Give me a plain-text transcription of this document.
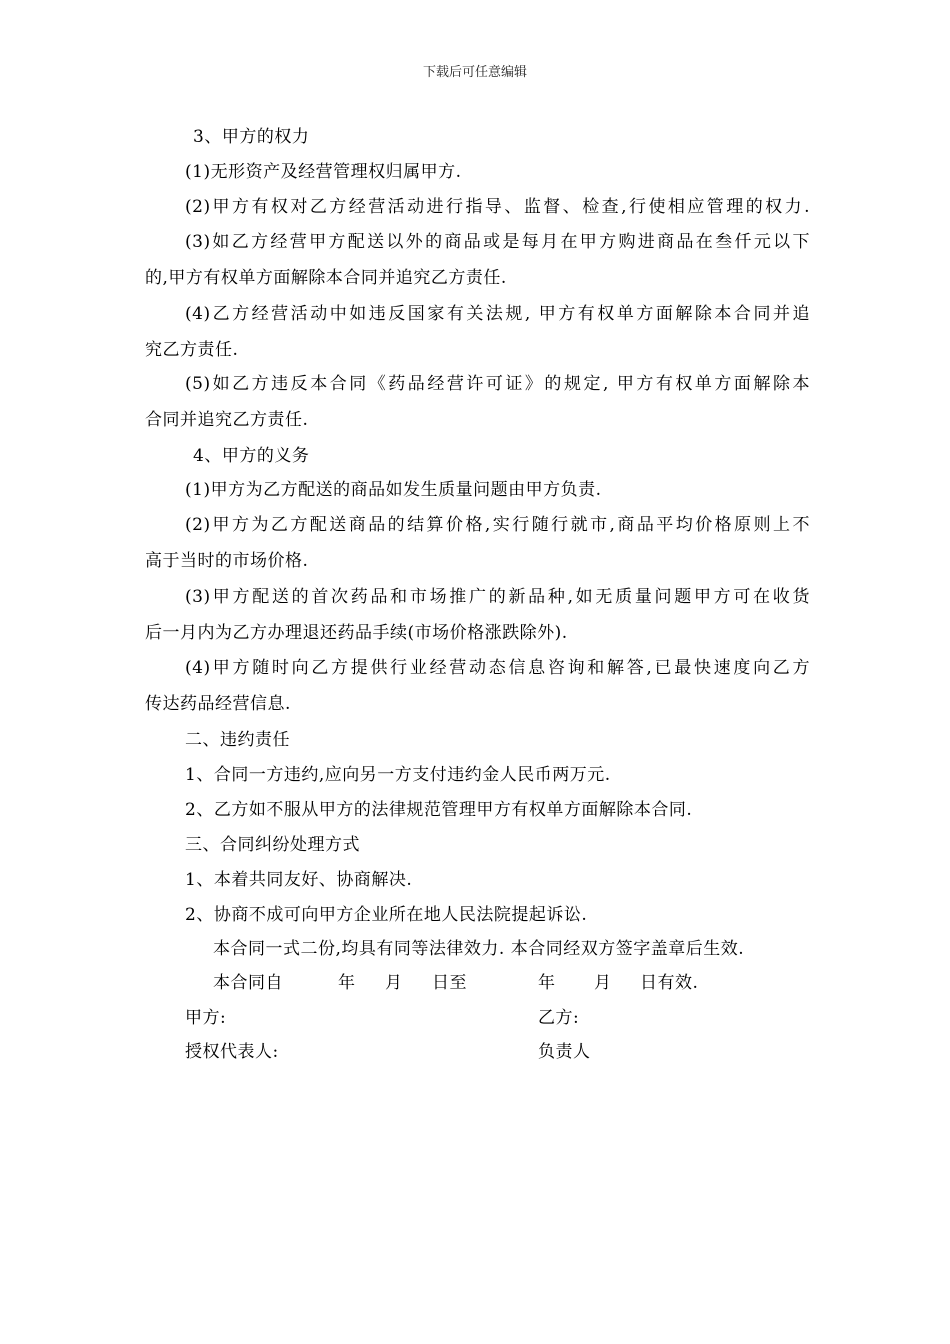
下载后可任意编辑
3、甲方的权力
(1)无形资产及经营管理权归属甲方.
(2)甲方有权对乙方经营活动进行指导、监督、检查,行使相应管理的权力.
(3)如乙方经营甲方配送以外的商品或是每月在甲方购进商品在叁仟元以下
的,甲方有权单方面解除本合同并追究乙方责任.
(4)乙方经营活动中如违反国家有关法规, 甲方有权单方面解除本合同并追
究乙方责任.
(5)如乙方违反本合同《药品经营许可证》的规定, 甲方有权单方面解除本
合同并追究乙方责任.
4、甲方的义务
(1)甲方为乙方配送的商品如发生质量问题由甲方负责.
(2)甲方为乙方配送商品的结算价格,实行随行就市,商品平均价格原则上不
高于当时的市场价格.
(3)甲方配送的首次药品和市场推广的新品种,如无质量问题甲方可在收货
后一月内为乙方办理退还药品手续(市场价格涨跌除外).
(4)甲方随时向乙方提供行业经营动态信息咨询和解答,已最快速度向乙方
传达药品经营信息.
二、违约责任
1、合同一方违约,应向另一方支付违约金人民币两万元.
2、乙方如不服从甲方的法律规范管理甲方有权单方面解除本合同.
三、合同纠纷处理方式
1、本着共同友好、协商解决.
2、协商不成可向甲方企业所在地人民法院提起诉讼.
本合同一式二份,均具有同等法律效力. 本合同经双方签字盖章后生效.
本合同自	年 月 日至	年 月 日有效.
甲方:	乙方:
授权代表人:	负责人
